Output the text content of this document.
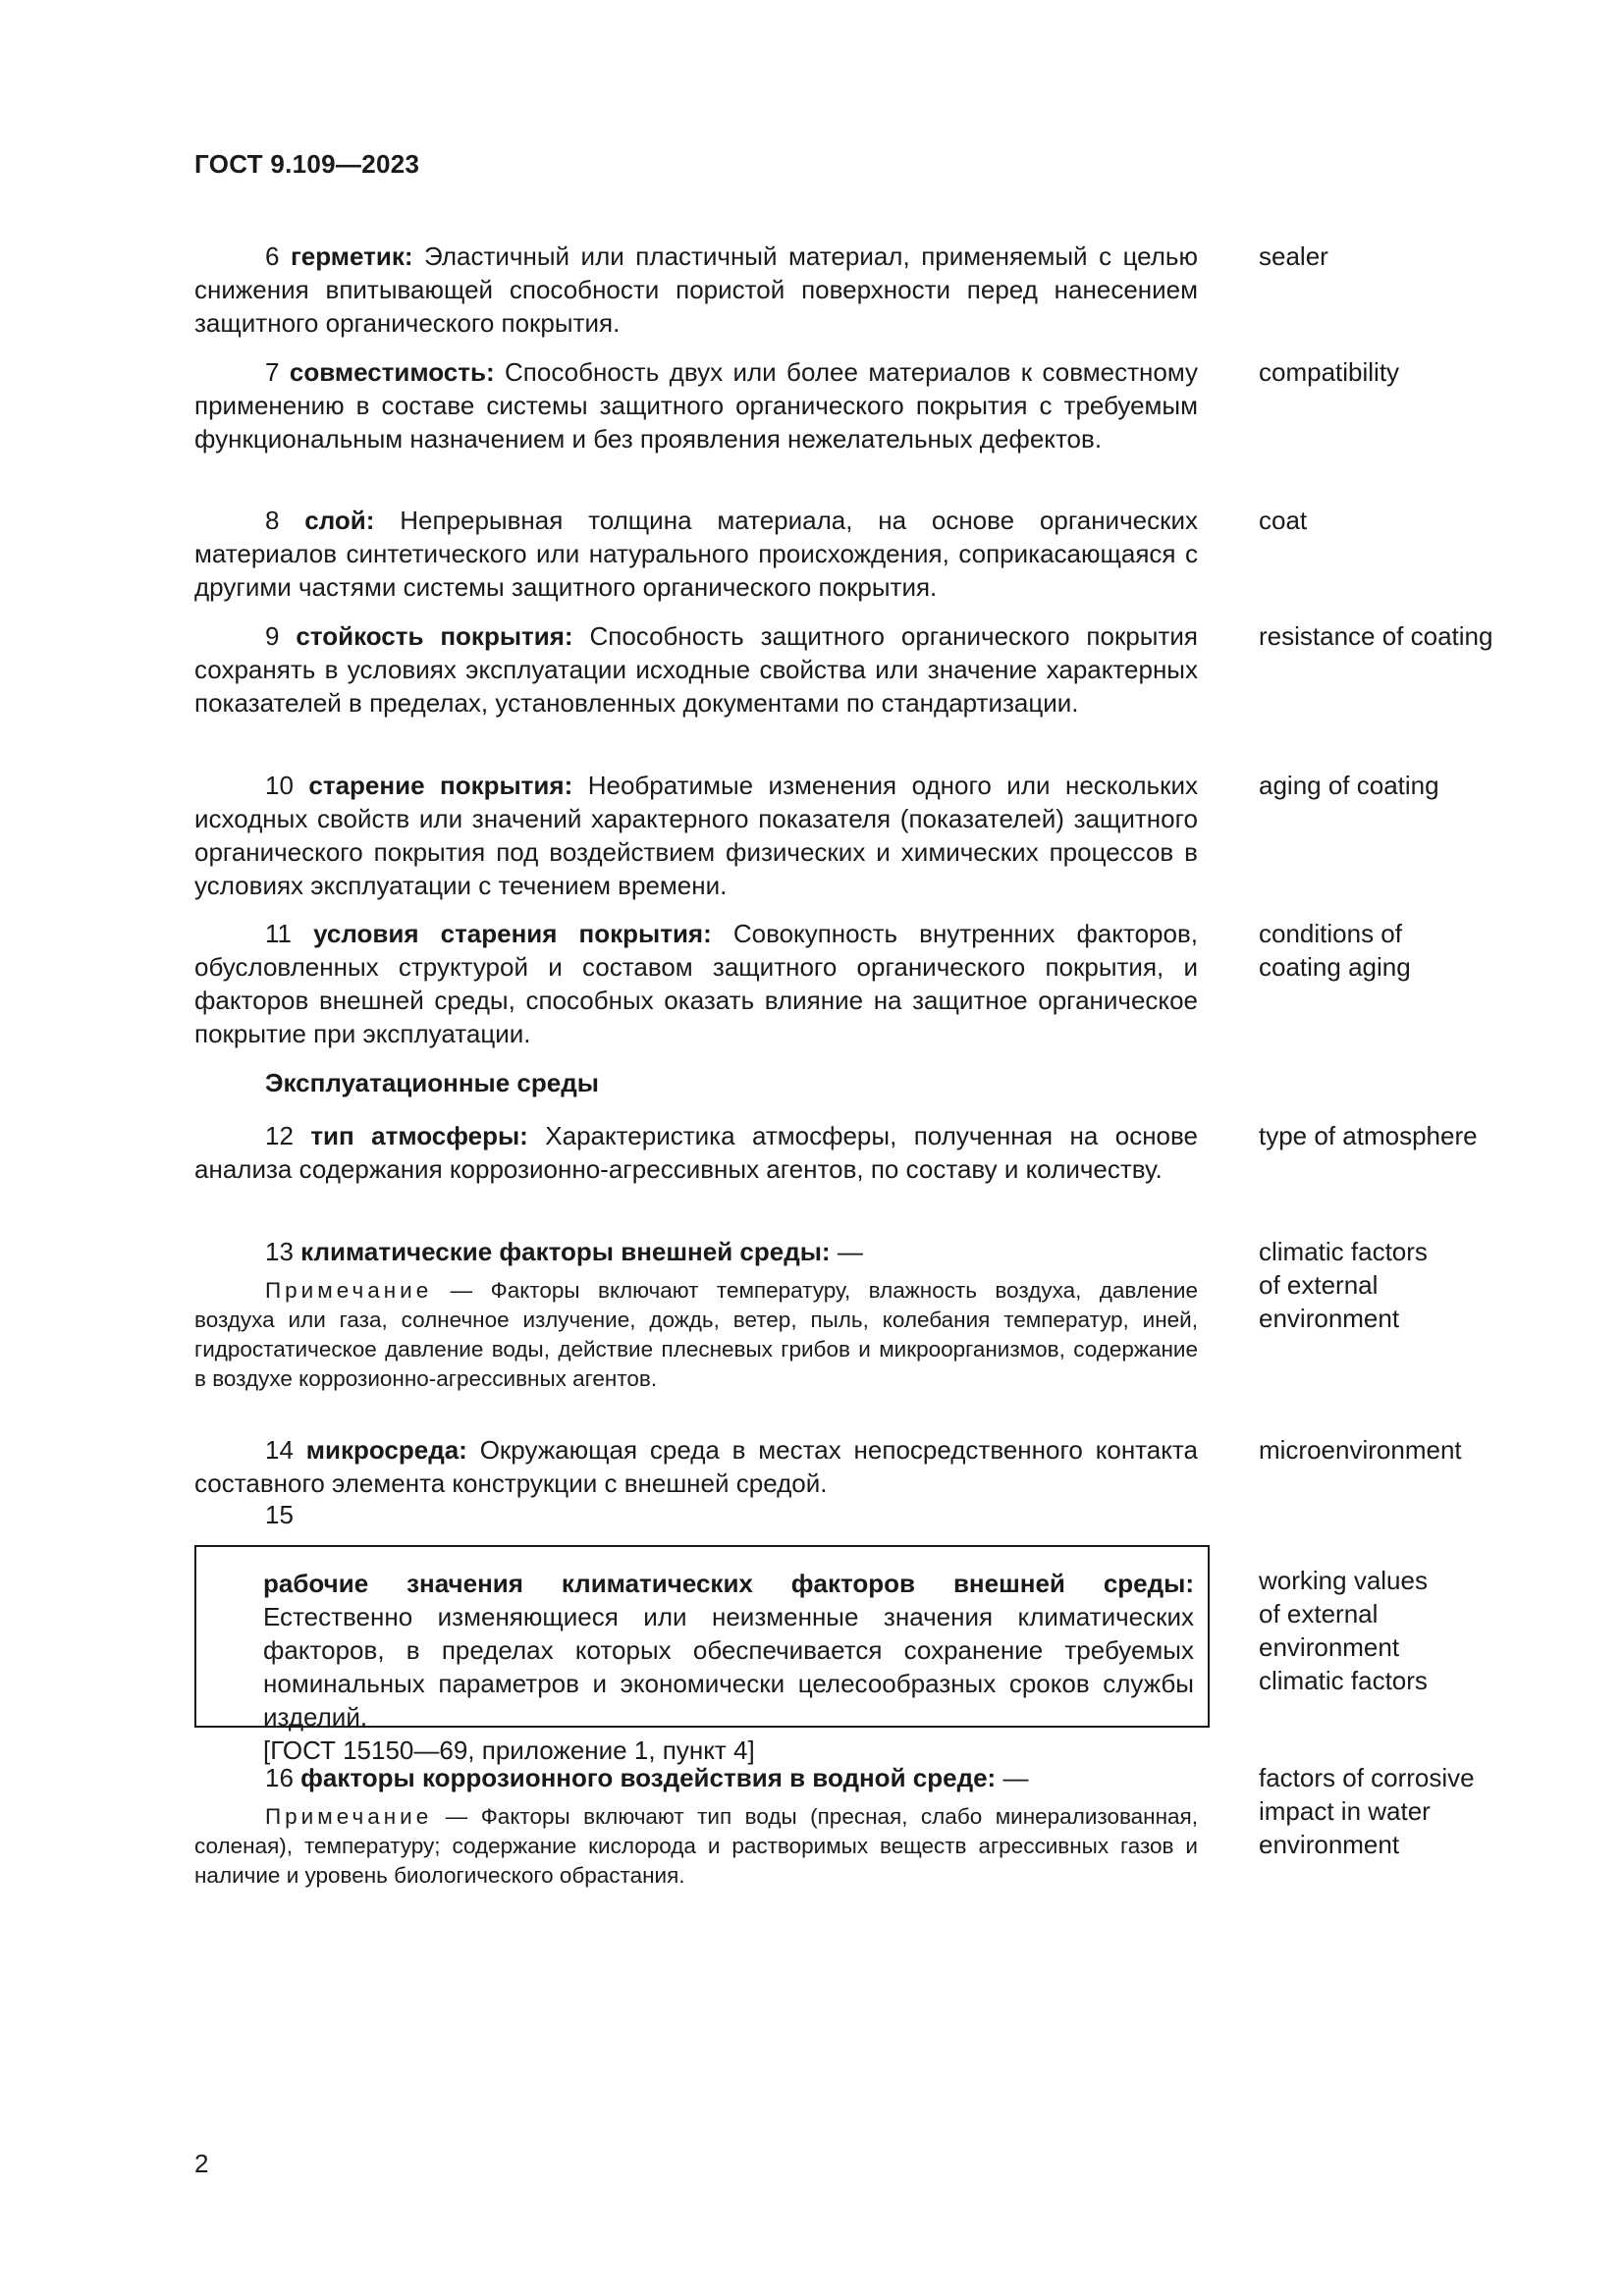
ГОСТ 9.109—2023

6 герметик: Эластичный или пластичный материал, применяемый с целью снижения впитывающей способности пористой поверхности перед нанесением защитного органического покрытия.

sealer

7 совместимость: Способность двух или более материалов к совместному применению в составе системы защитного органического покрытия с требуемым функциональным назначением и без проявления нежелательных дефектов.

compatibility

8 слой: Непрерывная толщина материала, на основе органических материалов синтетического или натурального происхождения, соприкасающаяся с другими частями системы защитного органического покрытия.

coat

9 стойкость покрытия: Способность защитного органического покрытия сохранять в условиях эксплуатации исходные свойства или значение характерных показателей в пределах, установленных документами по стандартизации.

resistance of coating

10 старение покрытия: Необратимые изменения одного или нескольких исходных свойств или значений характерного показателя (показателей) защитного органического покрытия под воздействием физических и химических процессов в условиях эксплуатации с течением времени.

aging of coating

11 условия старения покрытия: Совокупность внутренних факторов, обусловленных структурой и составом защитного органического покрытия, и факторов внешней среды, способных оказать влияние на защитное органическое покрытие при эксплуатации.

conditions of coating aging
Эксплуатационные среды

12 тип атмосферы: Характеристика атмосферы, полученная на основе анализа содержания коррозионно-агрессивных агентов, по составу и количеству.

type of atmosphere

13 климатические факторы внешней среды: —

Примечание — Факторы включают температуру, влажность воздуха, давление воздуха или газа, солнечное излучение, дождь, ветер, пыль, колебания температур, иней, гидростатическое давление воды, действие плесневых грибов и микроорганизмов, содержание в воздухе коррозионно-агрессивных агентов.

climatic factors of external environment

14 микросреда: Окружающая среда в местах непосредственного контакта составного элемента конструкции с внешней средой.

microenvironment
15

рабочие значения климатических факторов внешней среды: Естественно изменяющиеся или неизменные значения климатических факторов, в пределах которых обеспечивается сохранение требуемых номинальных параметров и экономически целесообразных сроков службы изделий.

[ГОСТ 15150—69, приложение 1, пункт 4]

working values of external environment climatic factors

16 факторы коррозионного воздействия в водной среде: —

Примечание — Факторы включают тип воды (пресная, слабо минерализованная, соленая), температуру; содержание кислорода и растворимых веществ агрессивных газов и наличие и уровень биологического обрастания.

factors of corrosive impact in water environment
2
